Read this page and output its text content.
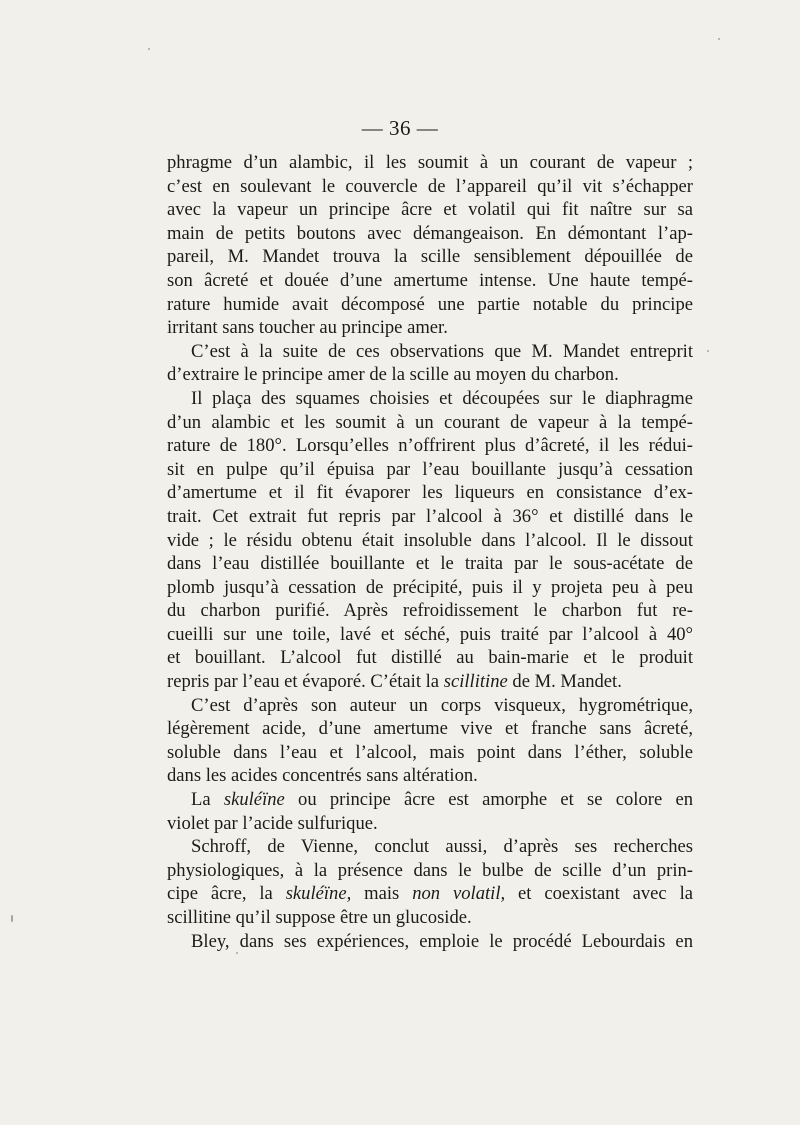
— 36 —
phragme d’un alambic, il les soumit à un courant de vapeur ;
c’est en soulevant le couvercle de l’appareil qu’il vit s’échapper
avec la vapeur un principe âcre et volatil qui fit naître sur sa
main de petits boutons avec démangeaison. En démontant l’ap-
pareil, M. Mandet trouva la scille sensiblement dépouillée de
son âcreté et douée d’une amertume intense. Une haute tempé-
rature humide avait décomposé une partie notable du principe
irritant sans toucher au principe amer.
C’est à la suite de ces observations que M. Mandet entreprit
d’extraire le principe amer de la scille au moyen du charbon.
Il plaça des squames choisies et découpées sur le diaphragme
d’un alambic et les soumit à un courant de vapeur à la tempé-
rature de 180°. Lorsqu’elles n’offrirent plus d’âcreté, il les rédui-
sit en pulpe qu’il épuisa par l’eau bouillante jusqu’à cessation
d’amertume et il fit évaporer les liqueurs en consistance d’ex-
trait. Cet extrait fut repris par l’alcool à 36° et distillé dans le
vide ; le résidu obtenu était insoluble dans l’alcool. Il le dissout
dans l’eau distillée bouillante et le traita par le sous-acétate de
plomb jusqu’à cessation de précipité, puis il y projeta peu à peu
du charbon purifié. Après refroidissement le charbon fut re-
cueilli sur une toile, lavé et séché, puis traité par l’alcool à 40°
et bouillant. L’alcool fut distillé au bain-marie et le produit
repris par l’eau et évaporé. C’était la scillitine de M. Mandet.
C’est d’après son auteur un corps visqueux, hygrométrique,
légèrement acide, d’une amertume vive et franche sans âcreté,
soluble dans l’eau et l’alcool, mais point dans l’éther, soluble
dans les acides concentrés sans altération.
La skuléïne ou principe âcre est amorphe et se colore en
violet par l’acide sulfurique.
Schroff, de Vienne, conclut aussi, d’après ses recherches
physiologiques, à la présence dans le bulbe de scille d’un prin-
cipe âcre, la skuléïne, mais non volatil, et coexistant avec la
scillitine qu’il suppose être un glucoside.
Bley, dans ses expériences, emploie le procédé Lebourdais en
